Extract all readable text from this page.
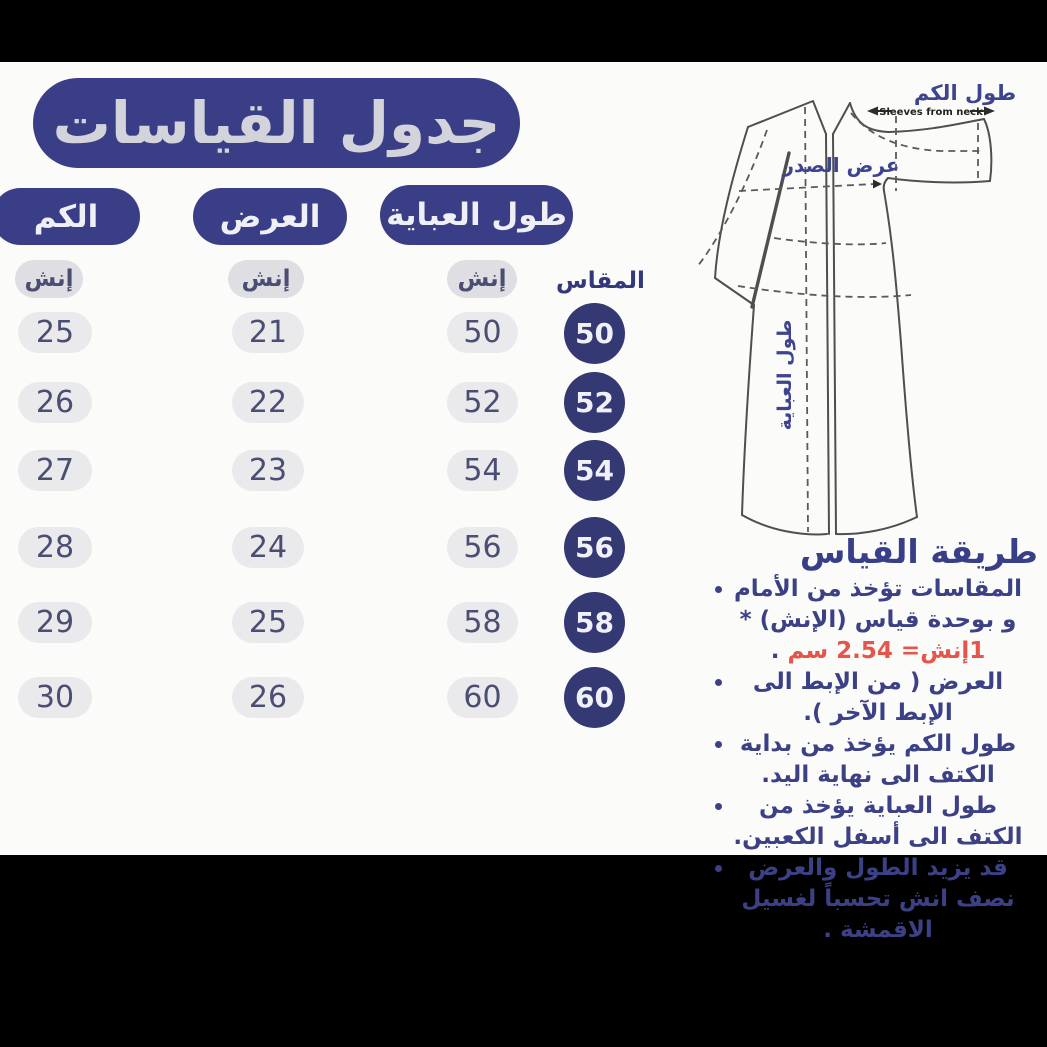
جدول القياسات
طول العباية
العرض
الكم
إنش	إنش	إنش	المقاس
25	21	50	50
26	22	52	52
27	23	54	54
28	24	56	56
29	25	58	58
30	26	60	60
طول الكم
Sleeves from neck
عرض الصدر
طول العباية
طريقة القياس
المقاسات تؤخذ من الأمام و بوحدة قياس (الإنش) * 1إنش= 2.54 سم .
العرض ( من الإبط الى الإبط الآخر ).
طول الكم يؤخذ من بداية الكتف الى نهاية اليد.
طول العباية يؤخذ من الكتف الى أسفل الكعبين.
قد يزيد الطول والعرض نصف انش تحسباً لغسيل الاقمشة .
